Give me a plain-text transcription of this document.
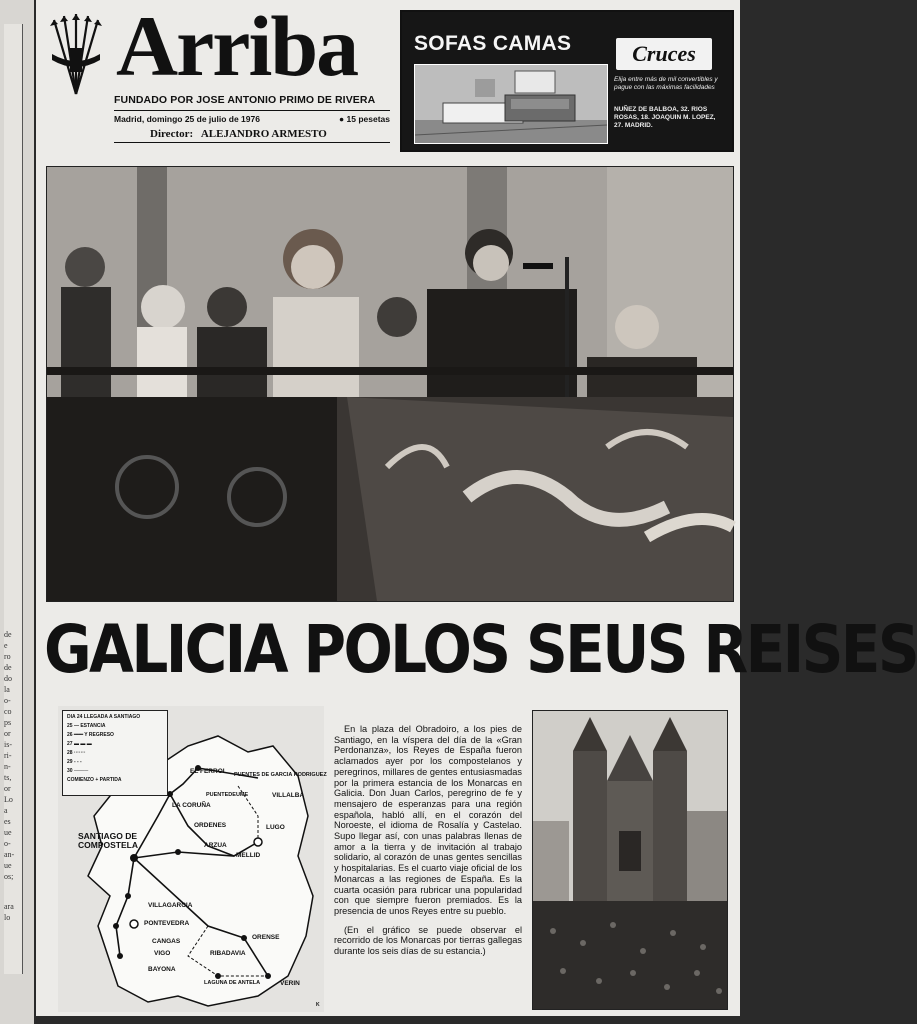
de
e
ro
de
do
la
o-
co
ps
or
is-
ri-
n-
ts,
or
Lo
a
es
ue
o-
an-
ue
os;
ara
lo
Arriba
FUNDADO POR JOSE ANTONIO PRIMO DE RIVERA
Madrid, domingo 25 de julio de 1976	● 15 pesetas
Director: ALEJANDRO ARMESTO
SOFAS CAMAS	Cruces
Elija entre más de mil convertibles y pague con las máximas facilidades
NUÑEZ DE BALBOA, 32. RIOS ROSAS, 18. JOAQUIN M. LOPEZ, 27. MADRID.
GALICIA POLOS SEUS REISES
DIA 24 LLEGADA A SANTIAGO
25 — ESTANCIA
26 ━━━ Y REGRESO
27 ▬ ▬ ▬
28 ·······
29 - - -
30 ────
COMIENZO + PARTIDA
EL FERROL PUENTES DE GARCIA RODRIGUEZ
PUENTEDEUME
LA CORUÑA
VILLALBA
ORDENES	LUGO
SANTIAGO DE COMPOSTELA	ARZUA
MELLID
VILLAGARCIA
PONTEVEDRA
ORENSE
CANGAS
VIGO	RIBADAVIA
BAYONA
LAGUNA DE ANTELA	VERIN
K

En la plaza del Obradoiro, a los pies de Santiago, en la víspera del día de la «Gran Perdonanza», los Reyes de España fueron aclamados ayer por los compostelanos y peregrinos, millares de gentes entusiasmadas por la primera estancia de los Monarcas en Galicia. Don Juan Carlos, peregrino de fe y mensajero de esperanzas para una región española, habló allí, en el corazón del Noroeste, el idioma de Rosalía y Castelao. Supo llegar así, con unas palabras llenas de amor a la tierra y de invitación al trabajo solidario, al corazón de unas gentes sencillas y hospitalarias. Es el cuarto viaje oficial de los Monarcas a las regiones de España. Es la cuarta ocasión para rubricar una popularidad con que siempre fueron premiados. Es la presencia de unos Reyes entre su pueblo.

(En el gráfico se puede observar el recorrido de los Monarcas por tierras gallegas durante los seis días de su estancia.)
